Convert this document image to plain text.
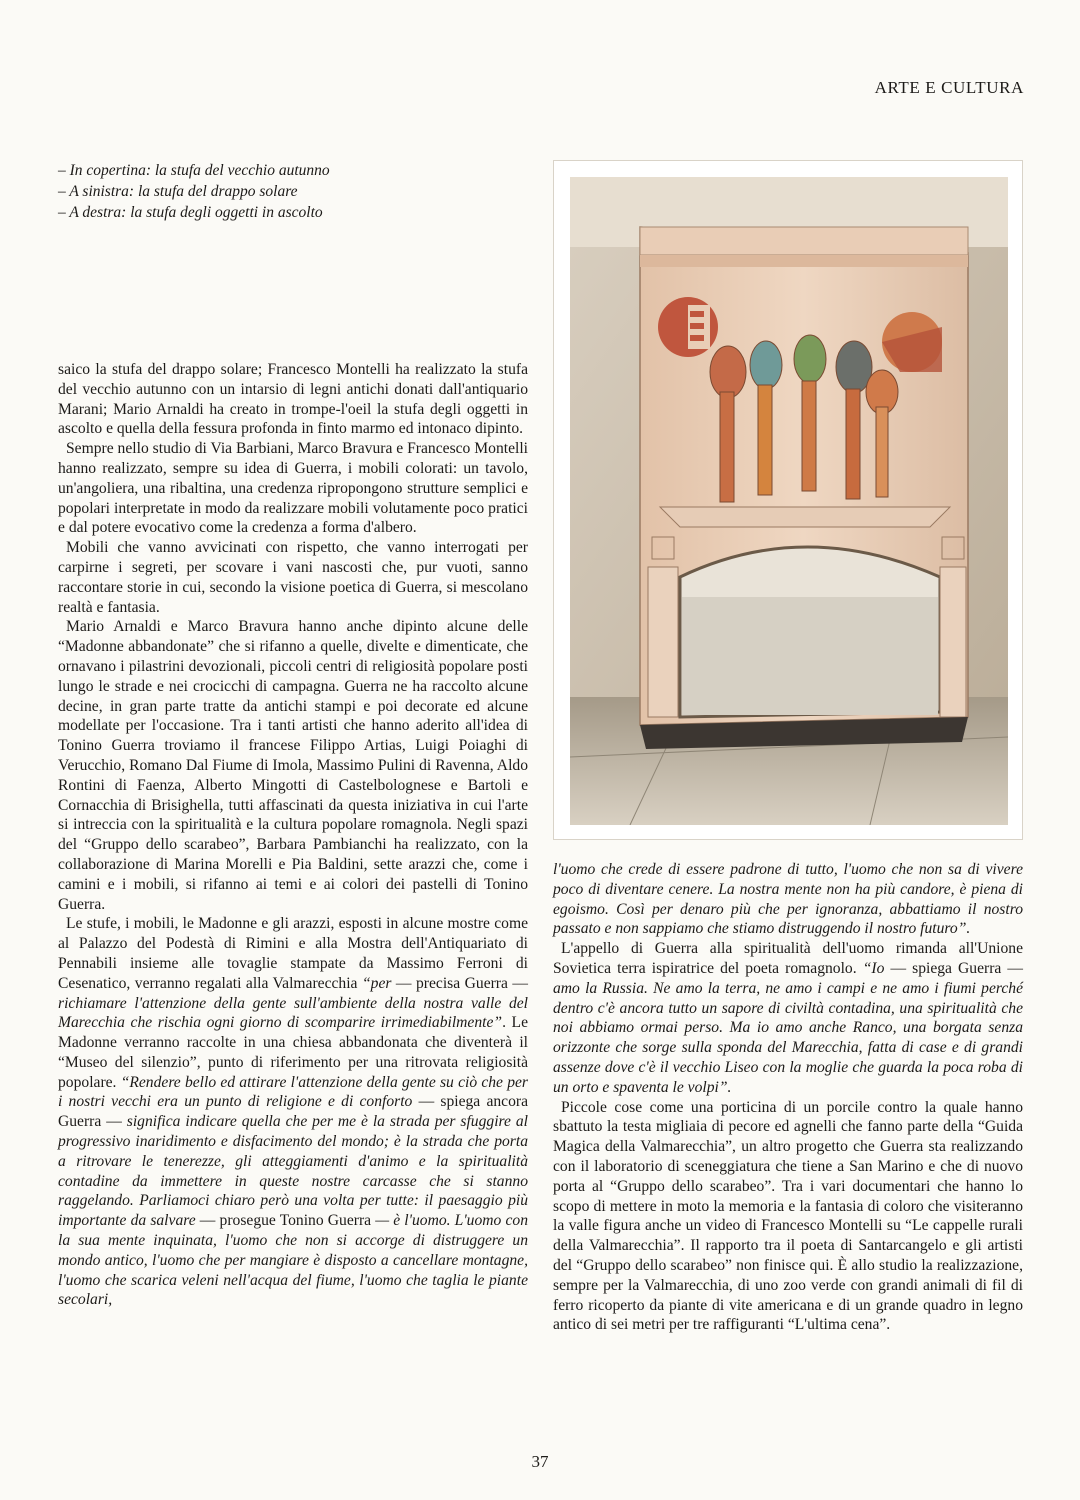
ARTE E CULTURA
– In copertina: la stufa del vecchio autunno
– A sinistra: la stufa del drappo solare
– A destra: la stufa degli oggetti in ascolto

saico la stufa del drappo solare; Francesco Montelli ha realizzato la stufa del vecchio autunno con un intarsio di legni antichi donati dall'antiquario Marani; Mario Arnaldi ha creato in trompe-l'oeil la stufa degli oggetti in ascolto e quella della fessura profonda in finto marmo ed intonaco dipinto.

Sempre nello studio di Via Barbiani, Marco Bravura e Francesco Montelli hanno realizzato, sempre su idea di Guerra, i mobili colorati: un tavolo, un'angoliera, una ribaltina, una credenza ripropongono strutture semplici e popolari interpretate in modo da realizzare mobili volutamente poco pratici e dal potere evocativo come la credenza a forma d'albero.

Mobili che vanno avvicinati con rispetto, che vanno interrogati per carpirne i segreti, per scovare i vani nascosti che, pur vuoti, sanno raccontare storie in cui, secondo la visione poetica di Guerra, si mescolano realtà e fantasia.

Mario Arnaldi e Marco Bravura hanno anche dipinto alcune delle “Madonne abbandonate” che si rifanno a quelle, divelte e dimenticate, che ornavano i pilastrini devozionali, piccoli centri di religiosità popolare posti lungo le strade e nei crocicchi di campagna. Guerra ne ha raccolto alcune decine, in gran parte tratte da antichi stampi e poi decorate ed alcune modellate per l'occasione. Tra i tanti artisti che hanno aderito all'idea di Tonino Guerra troviamo il francese Filippo Artias, Luigi Poiaghi di Verucchio, Romano Dal Fiume di Imola, Massimo Pulini di Ravenna, Aldo Rontini di Faenza, Alberto Mingotti di Castelbolognese e Bartoli e Cornacchia di Brisighella, tutti affascinati da questa iniziativa in cui l'arte si intreccia con la spiritualità e la cultura popolare romagnola. Negli spazi del “Gruppo dello scarabeo”, Barbara Pambianchi ha realizzato, con la collaborazione di Marina Morelli e Pia Baldini, sette arazzi che, come i camini e i mobili, si rifanno ai temi e ai colori dei pastelli di Tonino Guerra.

Le stufe, i mobili, le Madonne e gli arazzi, esposti in alcune mostre come al Palazzo del Podestà di Rimini e alla Mostra dell'Antiquariato di Pennabili insieme alle tovaglie stampate da Massimo Ferroni di Cesenatico, verranno regalati alla Valmarecchia “per — precisa Guerra — richiamare l'attenzione della gente sull'ambiente della nostra valle del Marecchia che rischia ogni giorno di scomparire irrimediabilmente”. Le Madonne verranno raccolte in una chiesa abbandonata che diventerà il “Museo del silenzio”, punto di riferimento per una ritrovata religiosità popolare. “Rendere bello ed attirare l'attenzione della gente su ciò che per i nostri vecchi era un punto di religione e di conforto — spiega ancora Guerra — significa indicare quella che per me è la strada per sfuggire al progressivo inaridimento e disfacimento del mondo; è la strada che porta a ritrovare le tenerezze, gli atteggiamenti d'animo e la spiritualità contadine da immettere in queste nostre carcasse che si stanno raggelando. Parliamoci chiaro però una volta per tutte: il paesaggio più importante da salvare — prosegue Tonino Guerra — è l'uomo. L'uomo con la sua mente inquinata, l'uomo che non si accorge di distruggere un mondo antico, l'uomo che per mangiare è disposto a cancellare montagne, l'uomo che scarica veleni nell'acqua del fiume, l'uomo che taglia le piante secolari,

l'uomo che crede di essere padrone di tutto, l'uomo che non sa di vivere poco di diventare cenere. La nostra mente non ha più candore, è piena di egoismo. Così per denaro più che per ignoranza, abbattiamo il nostro passato e non sappiamo che stiamo distruggendo il nostro futuro”.

L'appello di Guerra alla spiritualità dell'uomo rimanda all'Unione Sovietica terra ispiratrice del poeta romagnolo. “Io — spiega Guerra — amo la Russia. Ne amo la terra, ne amo i campi e ne amo i fiumi perché dentro c'è ancora tutto un sapore di civiltà contadina, una spiritualità che noi abbiamo ormai perso. Ma io amo anche Ranco, una borgata senza orizzonte che sorge sulla sponda del Marecchia, fatta di case e di grandi assenze dove c'è il vecchio Liseo con la moglie che guarda la poca roba di un orto e spaventa le volpi”.

Piccole cose come una porticina di un porcile contro la quale hanno sbattuto la testa migliaia di pecore ed agnelli che fanno parte della “Guida Magica della Valmarecchia”, un altro progetto che Guerra sta realizzando con il laboratorio di sceneggiatura che tiene a San Marino e che di nuovo porta al “Gruppo dello scarabeo”. Tra i vari documentari che hanno lo scopo di mettere in moto la memoria e la fantasia di coloro che visiteranno la valle figura anche un video di Francesco Montelli su “Le cappelle rurali della Valmarecchia”. Il rapporto tra il poeta di Santarcangelo e gli artisti del “Gruppo dello scarabeo” non finisce qui. È allo studio la realizzazione, sempre per la Valmarecchia, di uno zoo verde con grandi animali di fil di ferro ricoperto da piante di vite americana e di un grande quadro in legno antico di sei metri per tre raffiguranti “L'ultima cena”.

37
